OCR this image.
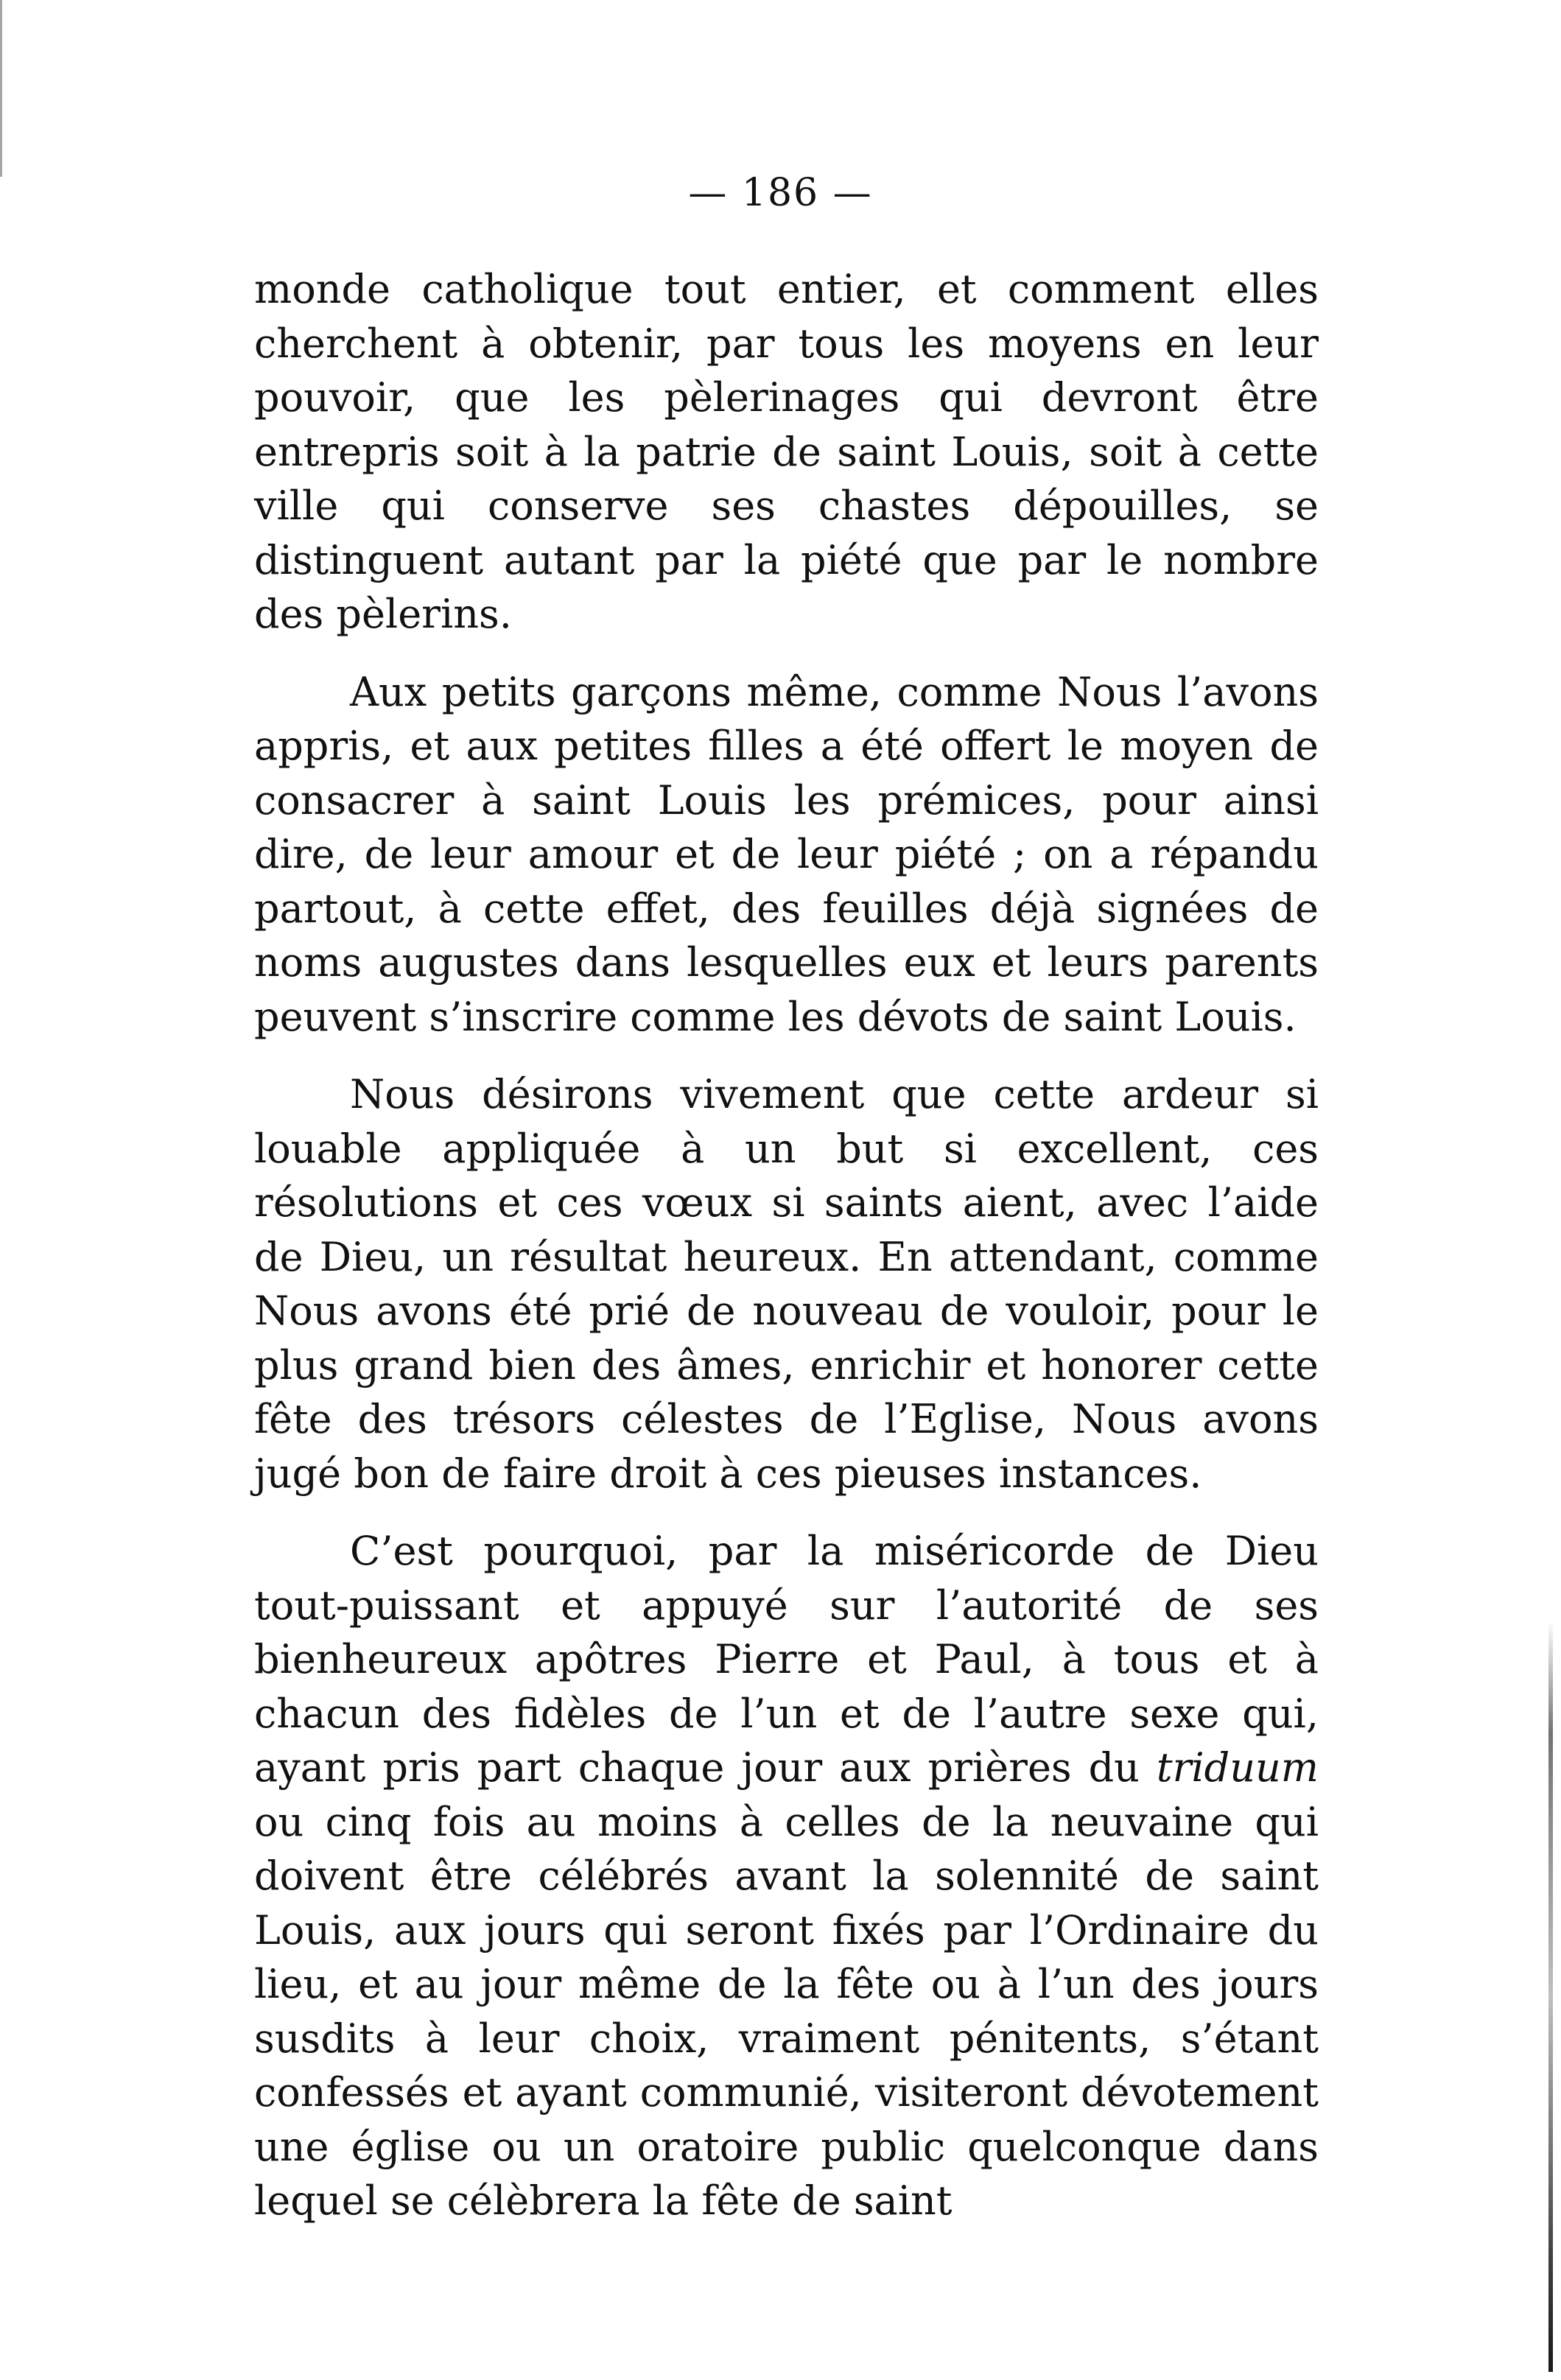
— 186 —

monde catholique tout entier, et comment elles cherchent à obtenir, par tous les moyens en leur pouvoir, que les pèlerinages qui devront être entrepris soit à la patrie de saint Louis, soit à cette ville qui conserve ses chastes dépouilles, se distinguent autant par la piété que par le nombre des pèlerins.

Aux petits garçons même, comme Nous l’avons appris, et aux petites filles a été offert le moyen de consacrer à saint Louis les prémices, pour ainsi dire, de leur amour et de leur piété ; on a répandu partout, à cette effet, des feuilles déjà signées de noms augustes dans lesquelles eux et leurs parents peuvent s’inscrire comme les dévots de saint Louis.

Nous désirons vivement que cette ardeur si louable appliquée à un but si excellent, ces résolutions et ces vœux si saints aient, avec l’aide de Dieu, un résultat heureux. En attendant, comme Nous avons été prié de nouveau de vouloir, pour le plus grand bien des âmes, enrichir et honorer cette fête des trésors célestes de l’Eglise, Nous avons jugé bon de faire droit à ces pieuses instances.

C’est pourquoi, par la miséricorde de Dieu tout-puissant et appuyé sur l’autorité de ses bienheureux apôtres Pierre et Paul, à tous et à chacun des fidèles de l’un et de l’autre sexe qui, ayant pris part chaque jour aux prières du triduum ou cinq fois au moins à celles de la neuvaine qui doivent être célébrés avant la solennité de saint Louis, aux jours qui seront fixés par l’Ordinaire du lieu, et au jour même de la fête ou à l’un des jours susdits à leur choix, vraiment pénitents, s’étant confessés et ayant communié, visiteront dévotement une église ou un oratoire public quelconque dans lequel se célèbrera la fête de saint
